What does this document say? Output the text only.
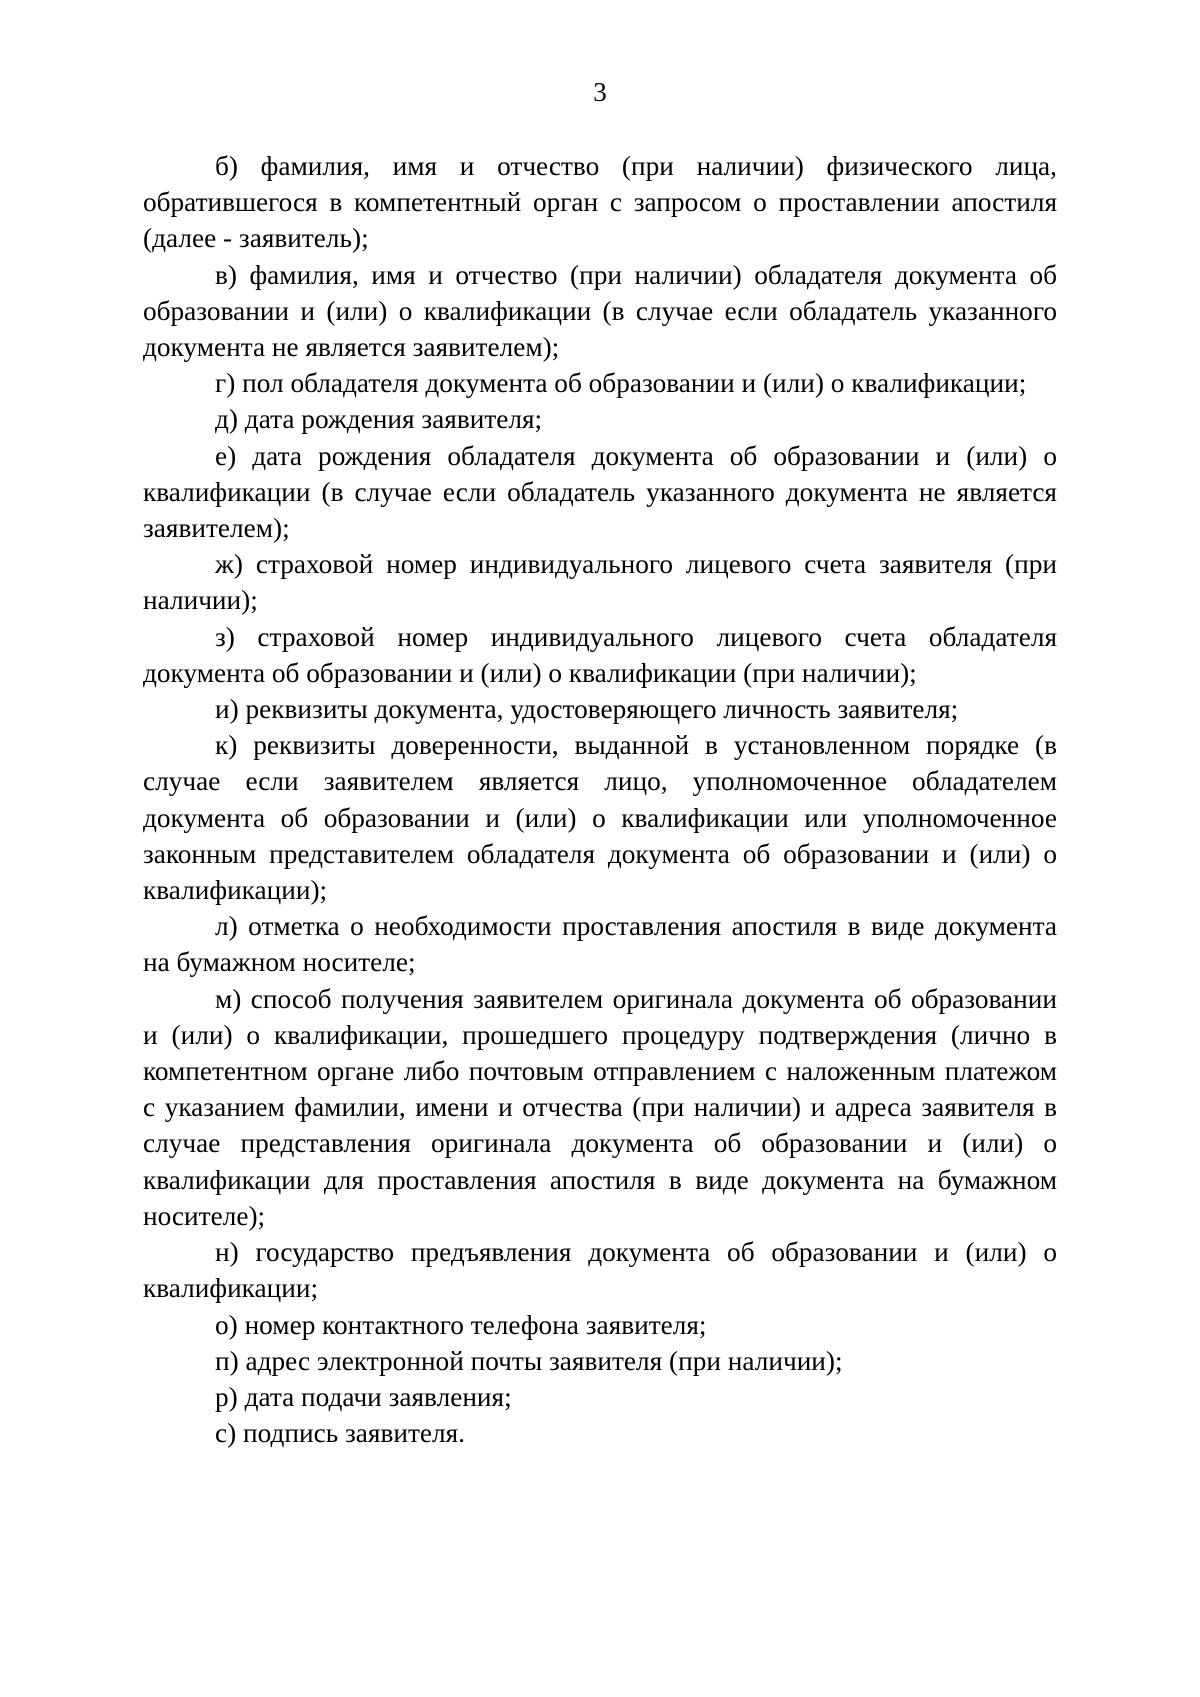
3

б) фамилия, имя и отчество (при наличии) физического лица, обратившегося в компетентный орган с запросом о проставлении апостиля (далее - заявитель);

в) фамилия, имя и отчество (при наличии) обладателя документа об образовании и (или) о квалификации (в случае если обладатель указанного документа не является заявителем);

г) пол обладателя документа об образовании и (или) о квалификации;

д) дата рождения заявителя;

е) дата рождения обладателя документа об образовании и (или) о квалификации (в случае если обладатель указанного документа не является заявителем);

ж) страховой номер индивидуального лицевого счета заявителя (при наличии);

з) страховой номер индивидуального лицевого счета обладателя документа об образовании и (или) о квалификации (при наличии);

и) реквизиты документа, удостоверяющего личность заявителя;

к) реквизиты доверенности, выданной в установленном порядке (в случае если заявителем является лицо, уполномоченное обладателем документа об образовании и (или) о квалификации или уполномоченное законным представителем обладателя документа об образовании и (или) о квалификации);

л) отметка о необходимости проставления апостиля в виде документа на бумажном носителе;

м) способ получения заявителем оригинала документа об образовании и (или) о квалификации, прошедшего процедуру подтверждения (лично в компетентном органе либо почтовым отправлением с наложенным платежом с указанием фамилии, имени и отчества (при наличии) и адреса заявителя в случае представления оригинала документа об образовании и (или) о квалификации для проставления апостиля в виде документа на бумажном носителе);

н) государство предъявления документа об образовании и (или) о квалификации;

о) номер контактного телефона заявителя;

п) адрес электронной почты заявителя (при наличии);

р) дата подачи заявления;

с) подпись заявителя.
